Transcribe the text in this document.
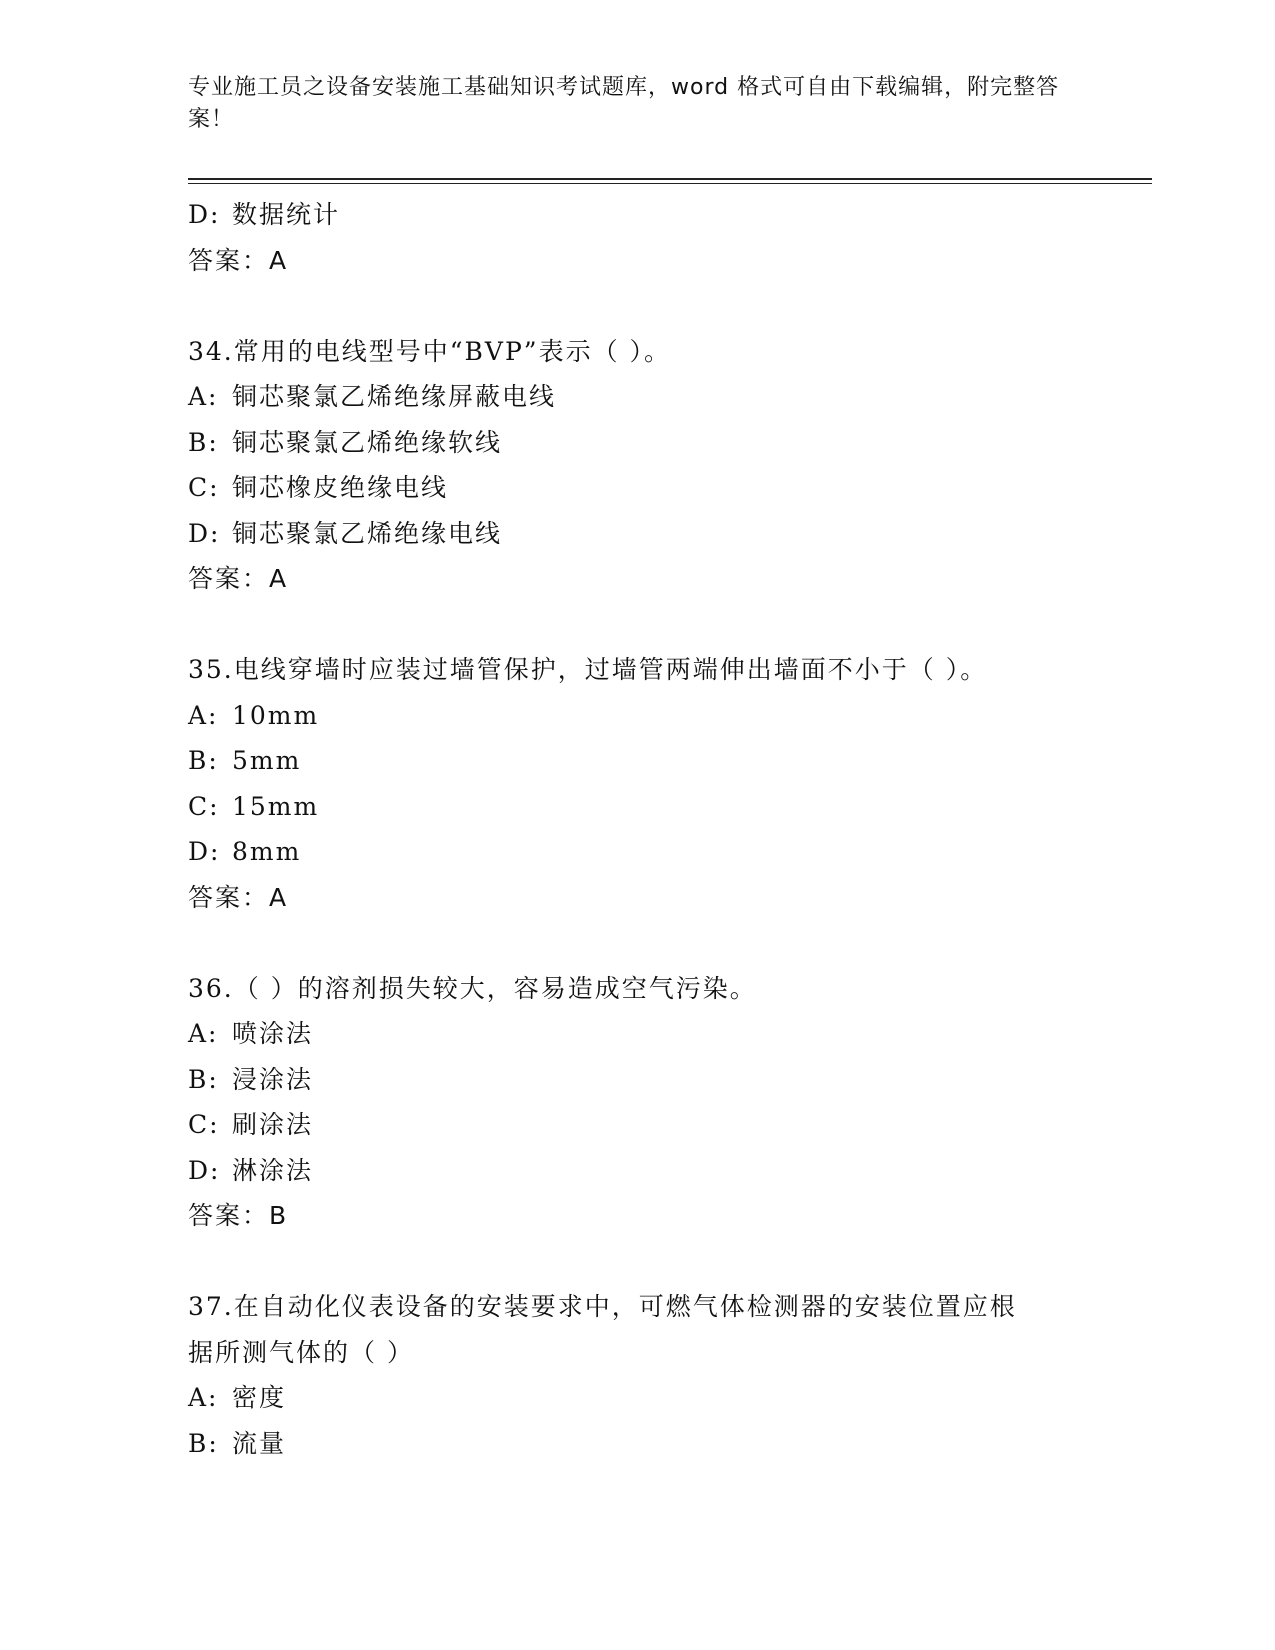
专业施工员之设备安装施工基础知识考试题库，word 格式可自由下载编辑，附完整答案！
D: 数据统计
答案：A
34.常用的电线型号中“BVP”表示（ ）。
A: 铜芯聚氯乙烯绝缘屏蔽电线
B: 铜芯聚氯乙烯绝缘软线
C: 铜芯橡皮绝缘电线
D: 铜芯聚氯乙烯绝缘电线
答案：A
35.电线穿墙时应装过墙管保护，过墙管两端伸出墙面不小于（ ）。
A: 10mm
B: 5mm
C: 15mm
D: 8mm
答案：A
36.（ ）的溶剂损失较大，容易造成空气污染。
A: 喷涂法
B: 浸涂法
C: 刷涂法
D: 淋涂法
答案：B
37.在自动化仪表设备的安装要求中，可燃气体检测器的安装位置应根
据所测气体的（ ）
A: 密度
B: 流量
